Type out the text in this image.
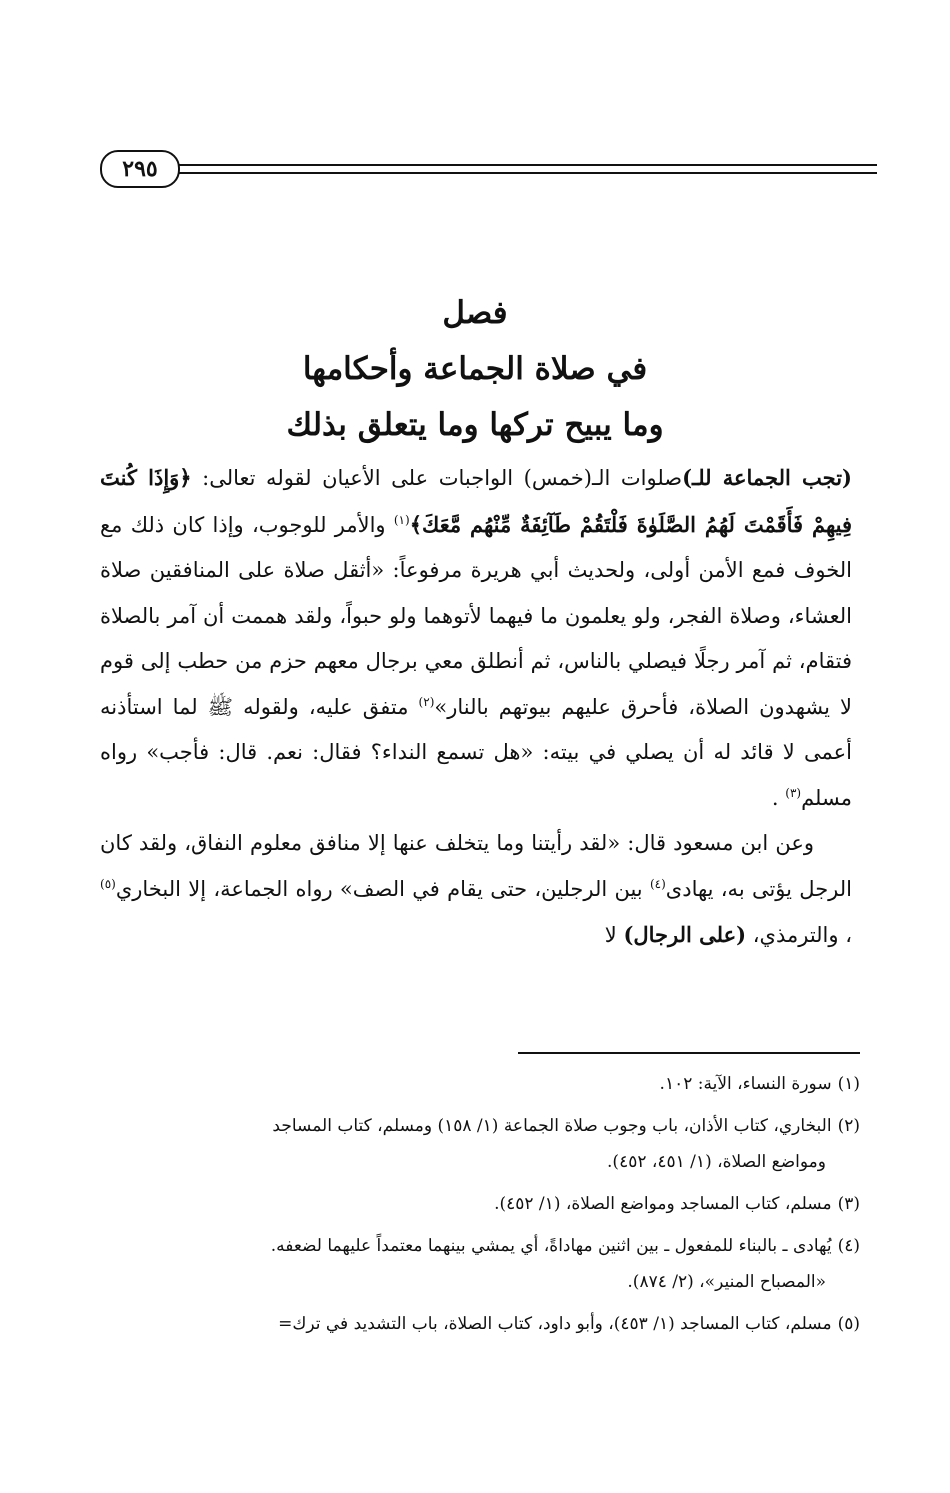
٢٩٥
فصل
في صلاة الجماعة وأحكامها
وما يبيح تركها وما يتعلق بذلك

(تجب الجماعة للـ)صلوات الـ(خمس) الواجبات على الأعيان لقوله تعالى: ﴿وَإِذَا كُنتَ فِيهِمْ فَأَقَمْتَ لَهُمُ الصَّلَوٰةَ فَلْتَقُمْ طَآئِفَةٌ مِّنْهُم مَّعَكَ﴾$^{(١)}$ والأمر للوجوب، وإذا كان ذلك مع الخوف فمع الأمن أولى، ولحديث أبي هريرة مرفوعاً: «أثقل صلاة على المنافقين صلاة العشاء، وصلاة الفجر، ولو يعلمون ما فيهما لأتوهما ولو حبواً، ولقد هممت أن آمر بالصلاة فتقام، ثم آمر رجلًا فيصلي بالناس، ثم أنطلق معي برجال معهم حزم من حطب إلى قوم لا يشهدون الصلاة، فأحرق عليهم بيوتهم بالنار»$^{(٢)}$ متفق عليه، ولقوله ﷺ لما استأذنه أعمى لا قائد له أن يصلي في بيته: «هل تسمع النداء؟ فقال: نعم. قال: فأجب» رواه مسلم$^{(٣)}$ .

وعن ابن مسعود قال: «لقد رأيتنا وما يتخلف عنها إلا منافق معلوم النفاق، ولقد كان الرجل يؤتى به، يهادى$^{(٤)}$ بين الرجلين، حتى يقام في الصف» رواه الجماعة، إلا البخاري$^{(٥)}$ ، والترمذي، (على الرجال) لا

(١)سورة النساء، الآية: ١٠٢.
(٢)البخاري، كتاب الأذان، باب وجوب صلاة الجماعة (١/ ١٥٨) ومسلم، كتاب المساجد
ومواضع الصلاة، (١/ ٤٥١، ٤٥٢).
(٣)مسلم، كتاب المساجد ومواضع الصلاة، (١/ ٤٥٢).
(٤)يُهادى ـ بالبناء للمفعول ـ بين اثنين مهاداةً، أي يمشي بينهما معتمداً عليهما لضعفه.
«المصباح المنير»، (٢/ ٨٧٤).
(٥)مسلم، كتاب المساجد (١/ ٤٥٣)، وأبو داود، كتاب الصلاة، باب التشديد في ترك=
